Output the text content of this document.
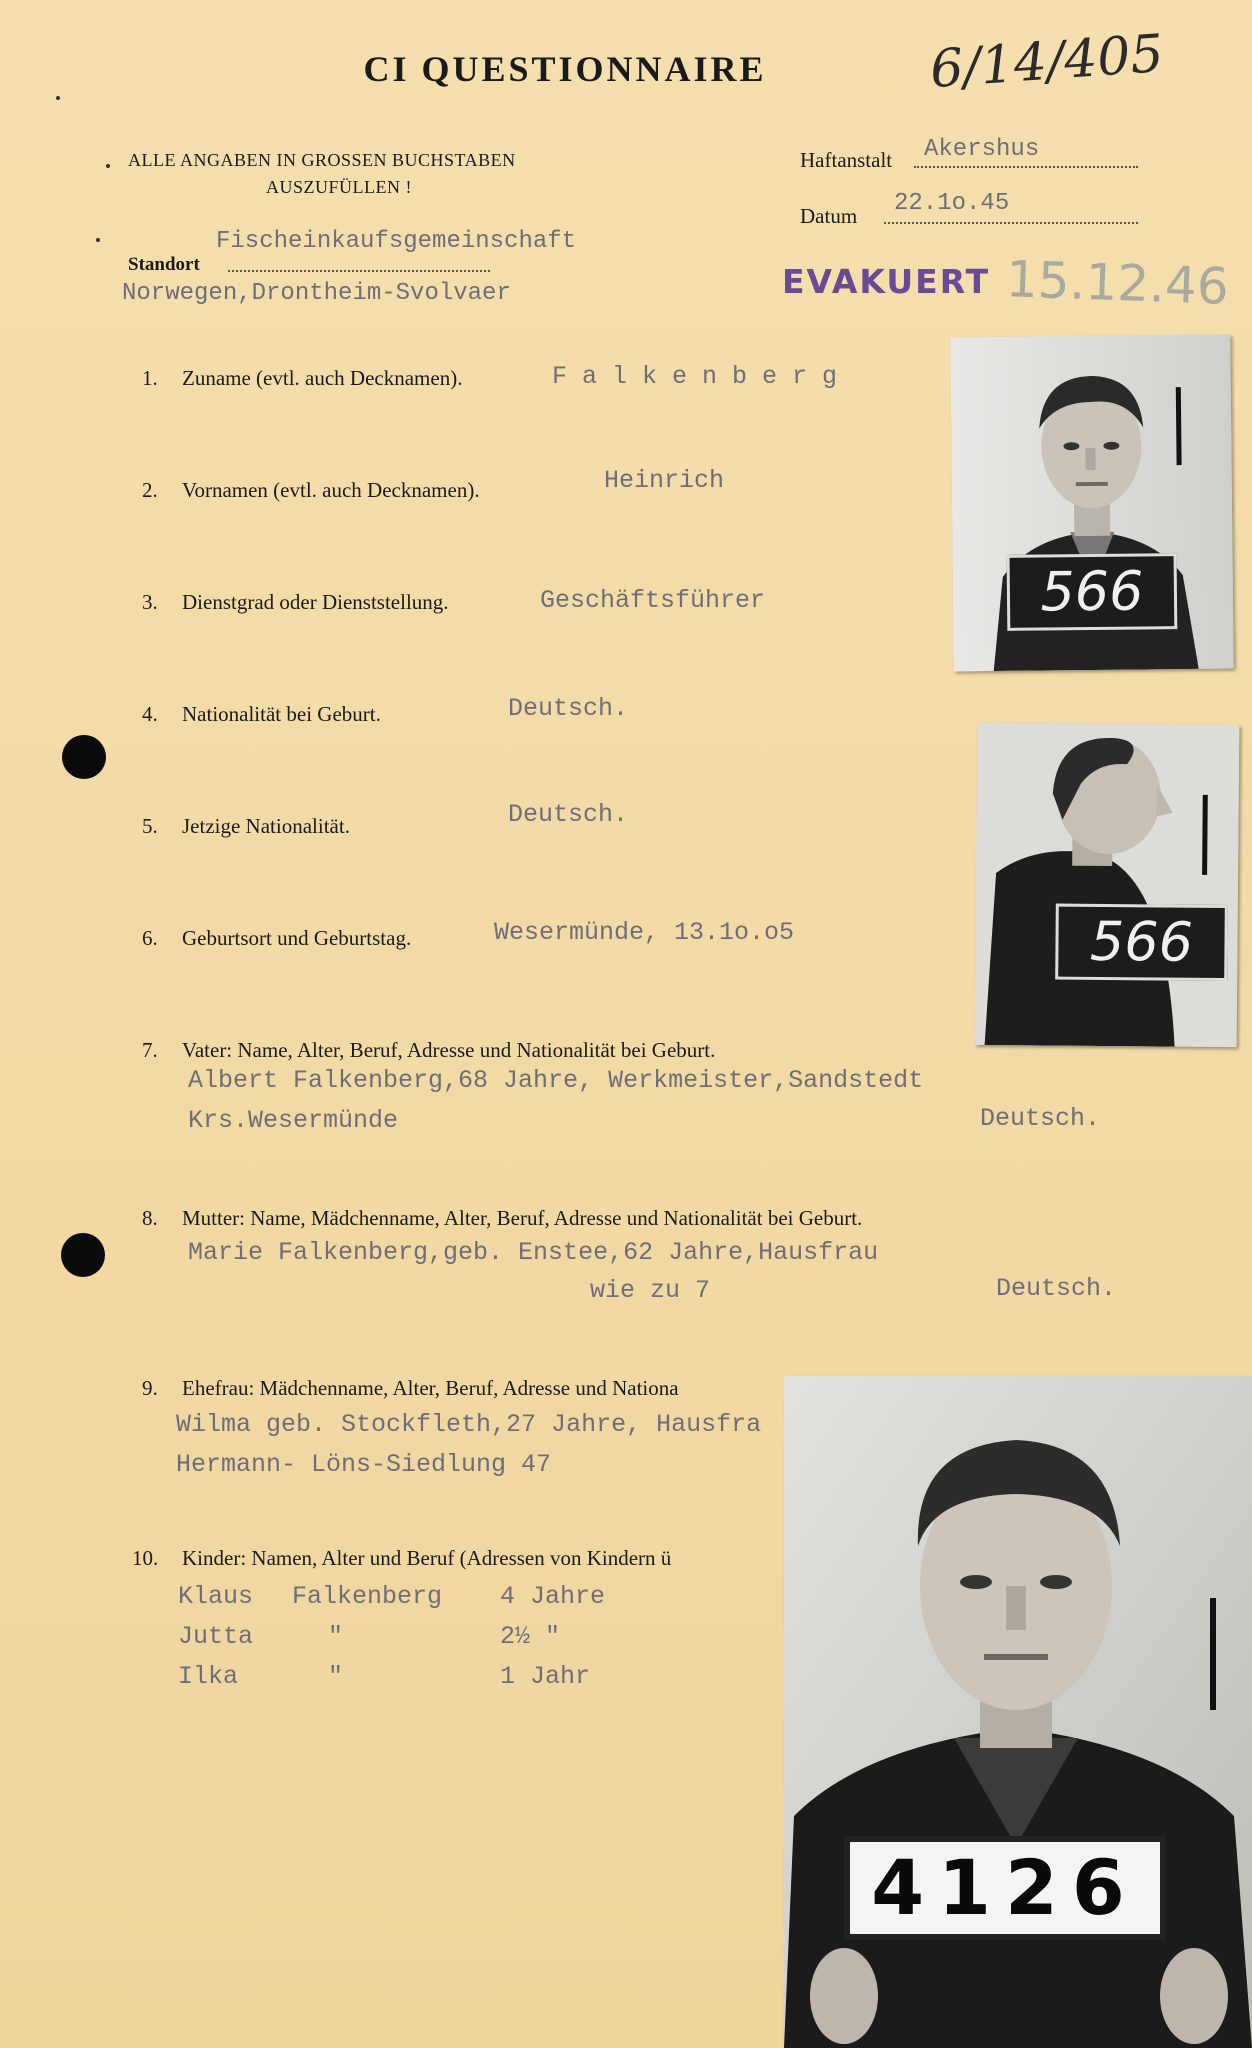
CI QUESTIONNAIRE	6/14/405
ALLE ANGABEN IN GROSSEN BUCHSTABEN
AUSZUFÜLLEN !
Haftanstalt Akershus
Datum 22.1o.45
Fischeinkaufsgemeinschaft
Standort
Norwegen,Drontheim-Svolvaer	EVAKUERT 15.12.46
1. Zuname (evtl. auch Decknamen).	F a l k e n b e r g
2. Vornamen (evtl. auch Decknamen).	Heinrich
3. Dienstgrad oder Dienststellung.	Geschäftsführer
4. Nationalität bei Geburt.	Deutsch.
5. Jetzige Nationalität.	Deutsch.
6. Geburtsort und Geburtstag.	Wesermünde, 13.1o.o5
7. Vater: Name, Alter, Beruf, Adresse und Nationalität bei Geburt.
Albert Falkenberg,68 Jahre, Werkmeister,Sandstedt
Krs.Wesermünde	Deutsch.
8. Mutter: Name, Mädchenname, Alter, Beruf, Adresse und Nationalität bei Geburt.
Marie Falkenberg,geb. Enstee,62 Jahre,Hausfrau
wie zu 7	Deutsch.
9. Ehefrau: Mädchenname, Alter, Beruf, Adresse und Nationa
Wilma geb. Stockfleth,27 Jahre, Hausfra
Hermann- Löns-Siedlung 47
10. Kinder: Namen, Alter und Beruf (Adressen von Kindern ü
Klaus Falkenberg 4 Jahre
Jutta	"	2½ "
Ilka	"	1 Jahr
566
566
4126
